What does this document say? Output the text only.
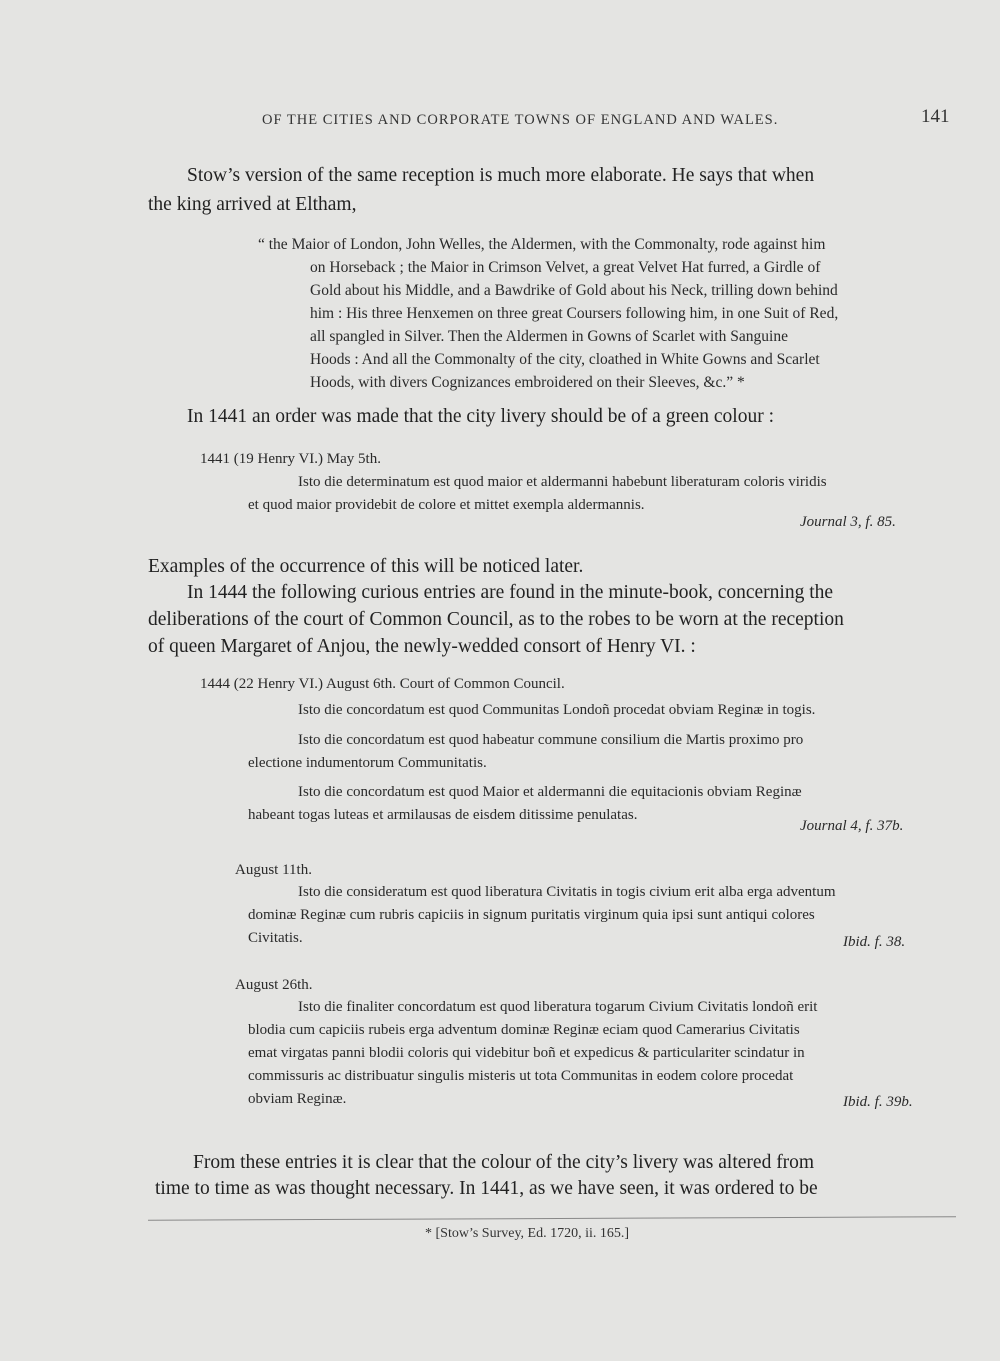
OF THE CITIES AND CORPORATE TOWNS OF ENGLAND AND WALES.	141
Stow’s version of the same reception is much more elaborate. He says that when
the king arrived at Eltham,
“ the Maior of London, John Welles, the Aldermen, with the Commonalty, rode against him
on Horseback ; the Maior in Crimson Velvet, a great Velvet Hat furred, a Girdle of
Gold about his Middle, and a Bawdrike of Gold about his Neck, trilling down behind
him : His three Henxemen on three great Coursers following him, in one Suit of Red,
all spangled in Silver. Then the Aldermen in Gowns of Scarlet with Sanguine
Hoods : And all the Commonalty of the city, cloathed in White Gowns and Scarlet
Hoods, with divers Cognizances embroidered on their Sleeves, &c.” *
In 1441 an order was made that the city livery should be of a green colour :
1441 (19 Henry VI.) May 5th.
Isto die determinatum est quod maior et aldermanni habebunt liberaturam coloris viridis
et quod maior providebit de colore et mittet exempla aldermannis.
Journal 3, f. 85.
Examples of the occurrence of this will be noticed later.
In 1444 the following curious entries are found in the minute-book, concerning the
deliberations of the court of Common Council, as to the robes to be worn at the reception
of queen Margaret of Anjou, the newly-wedded consort of Henry VI. :
1444 (22 Henry VI.) August 6th. Court of Common Council.
Isto die concordatum est quod Communitas Londoñ procedat obviam Reginæ in togis.
Isto die concordatum est quod habeatur commune consilium die Martis proximo pro
electione indumentorum Communitatis.
Isto die concordatum est quod Maior et aldermanni die equitacionis obviam Reginæ
habeant togas luteas et armilausas de eisdem ditissime penulatas.
Journal 4, f. 37b.
August 11th.
Isto die consideratum est quod liberatura Civitatis in togis civium erit alba erga adventum
dominæ Reginæ cum rubris capiciis in signum puritatis virginum quia ipsi sunt antiqui colores
Civitatis.	Ibid. f. 38.
August 26th.
Isto die finaliter concordatum est quod liberatura togarum Civium Civitatis londoñ erit
blodia cum capiciis rubeis erga adventum dominæ Reginæ eciam quod Camerarius Civitatis
emat virgatas panni blodii coloris qui videbitur boñ et expedicus & particulariter scindatur in
commissuris ac distribuatur singulis misteris ut tota Communitas in eodem colore procedat
obviam Reginæ.	Ibid. f. 39b.
From these entries it is clear that the colour of the city’s livery was altered from
time to time as was thought necessary. In 1441, as we have seen, it was ordered to be
* [Stow’s Survey, Ed. 1720, ii. 165.]
